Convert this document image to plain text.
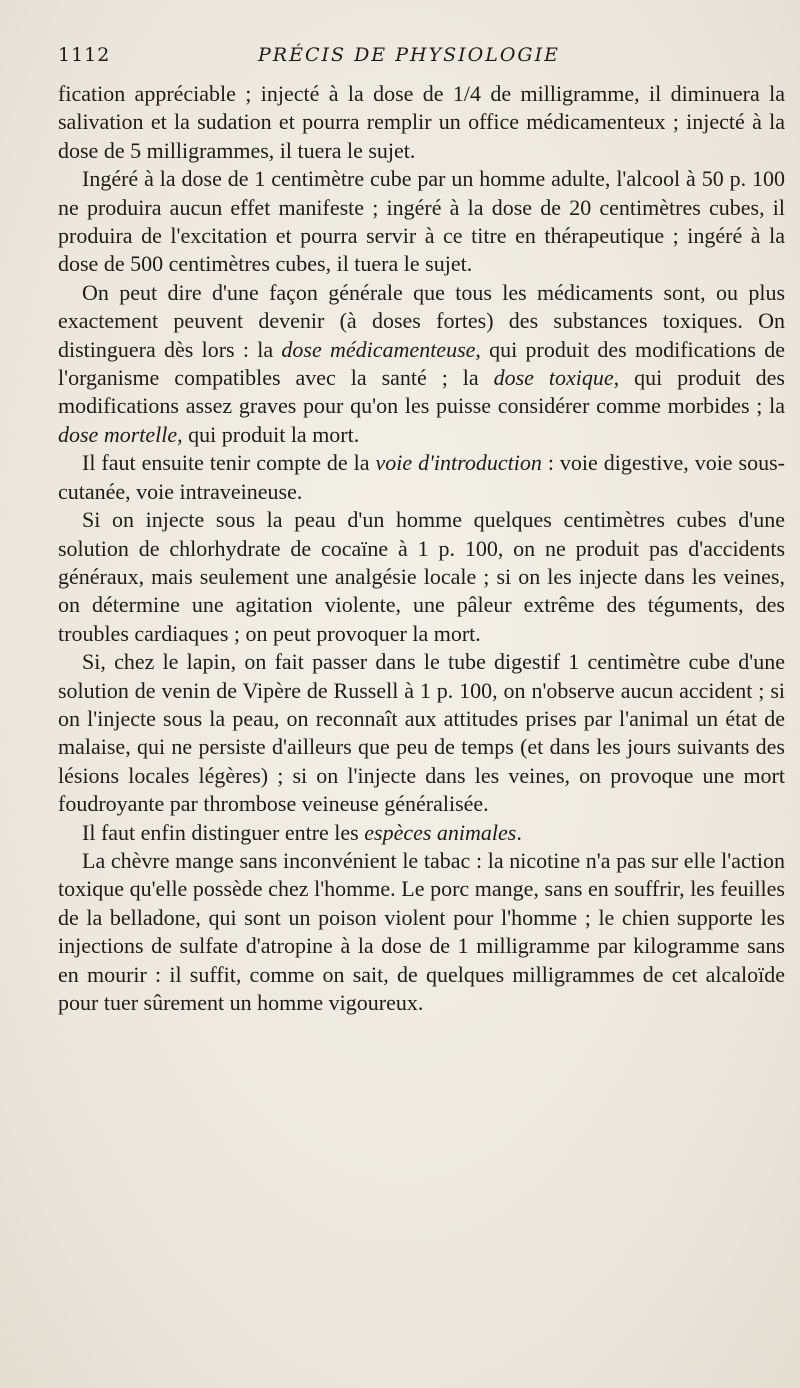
1112	PRÉCIS DE PHYSIOLOGIE

fication appréciable ; injecté à la dose de 1/4 de milligramme, il diminuera la salivation et la sudation et pourra remplir un office médicamenteux ; injecté à la dose de 5 milligrammes, il tuera le sujet.

Ingéré à la dose de 1 centimètre cube par un homme adulte, l'alcool à 50 p. 100 ne produira aucun effet manifeste ; ingéré à la dose de 20 centimètres cubes, il produira de l'excitation et pourra servir à ce titre en thérapeutique ; ingéré à la dose de 500 centimètres cubes, il tuera le sujet.

On peut dire d'une façon générale que tous les médicaments sont, ou plus exactement peuvent devenir (à doses fortes) des substances toxiques. On distinguera dès lors : la dose médicamenteuse, qui produit des modifications de l'organisme compatibles avec la santé ; la dose toxique, qui produit des modifications assez graves pour qu'on les puisse considérer comme morbides ; la dose mortelle, qui produit la mort.

Il faut ensuite tenir compte de la voie d'introduction : voie digestive, voie sous-cutanée, voie intraveineuse.

Si on injecte sous la peau d'un homme quelques centimètres cubes d'une solution de chlorhydrate de cocaïne à 1 p. 100, on ne produit pas d'accidents généraux, mais seulement une analgésie locale ; si on les injecte dans les veines, on détermine une agitation violente, une pâleur extrême des téguments, des troubles cardiaques ; on peut provoquer la mort.

Si, chez le lapin, on fait passer dans le tube digestif 1 centimètre cube d'une solution de venin de Vipère de Russell à 1 p. 100, on n'observe aucun accident ; si on l'injecte sous la peau, on reconnaît aux attitudes prises par l'animal un état de malaise, qui ne persiste d'ailleurs que peu de temps (et dans les jours suivants des lésions locales légères) ; si on l'injecte dans les veines, on provoque une mort foudroyante par thrombose veineuse généralisée.

Il faut enfin distinguer entre les espèces animales.

La chèvre mange sans inconvénient le tabac : la nicotine n'a pas sur elle l'action toxique qu'elle possède chez l'homme. Le porc mange, sans en souffrir, les feuilles de la belladone, qui sont un poison violent pour l'homme ; le chien supporte les injections de sulfate d'atropine à la dose de 1 milligramme par kilogramme sans en mourir : il suffit, comme on sait, de quelques milligrammes de cet alcaloïde pour tuer sûrement un homme vigoureux.
